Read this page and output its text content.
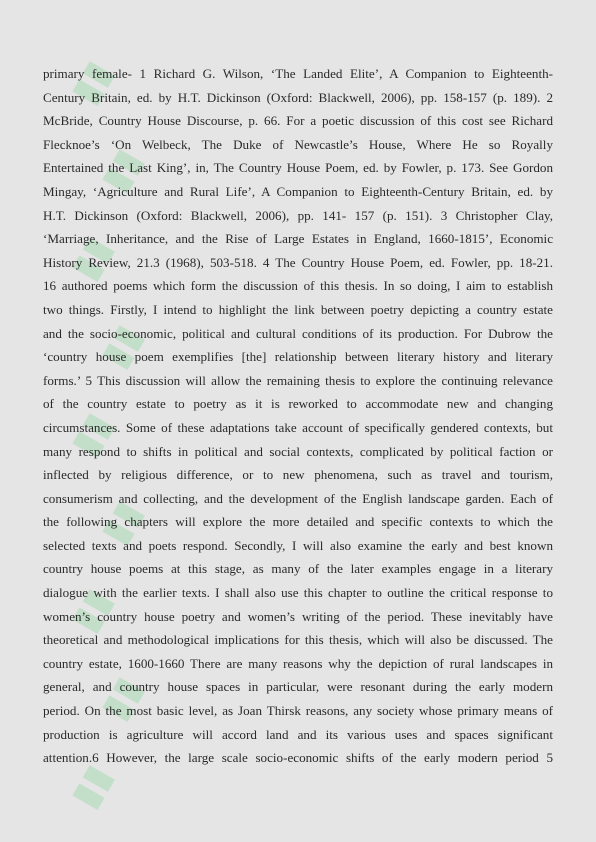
▮▮
▮▮
▮▮
▮▮
▮▮
▮▮
▮▮
▮▮
▮▮
primary female- 1 Richard G. Wilson, ‘The Landed Elite’, A Companion to Eighteenth-
Century Britain, ed. by H.T. Dickinson (Oxford: Blackwell, 2006), pp. 158-157 (p. 189). 2
McBride, Country House Discourse, p. 66. For a poetic discussion of this cost see Richard
Flecknoe’s ‘On Welbeck, The Duke of Newcastle’s House, Where He so Royally
Entertained the Last King’, in, The Country House Poem, ed. by Fowler, p. 173. See Gordon
Mingay, ‘Agriculture and Rural Life’, A Companion to Eighteenth-Century Britain, ed. by
H.T. Dickinson (Oxford: Blackwell, 2006), pp. 141- 157 (p. 151). 3 Christopher Clay,
‘Marriage, Inheritance, and the Rise of Large Estates in England, 1660-1815’, Economic
History Review, 21.3 (1968), 503-518. 4 The Country House Poem, ed. Fowler, pp. 18-21.
16 authored poems which form the discussion of this thesis. In so doing, I aim to establish
two things. Firstly, I intend to highlight the link between poetry depicting a country estate
and the socio-economic, political and cultural conditions of its production. For Dubrow the
‘country house poem exemplifies [the] relationship between literary history and literary
forms.’ 5 This discussion will allow the remaining thesis to explore the continuing relevance
of the country estate to poetry as it is reworked to accommodate new and changing
circumstances. Some of these adaptations take account of specifically gendered contexts, but
many respond to shifts in political and social contexts, complicated by political faction or
inflected by religious difference, or to new phenomena, such as travel and tourism,
consumerism and collecting, and the development of the English landscape garden. Each of
the following chapters will explore the more detailed and specific contexts to which the
selected texts and poets respond. Secondly, I will also examine the early and best known
country house poems at this stage, as many of the later examples engage in a literary
dialogue with the earlier texts. I shall also use this chapter to outline the critical response to
women’s country house poetry and women’s writing of the period. These inevitably have
theoretical and methodological implications for this thesis, which will also be discussed. The
country estate, 1600-1660 There are many reasons why the depiction of rural landscapes in
general, and country house spaces in particular, were resonant during the early modern
period. On the most basic level, as Joan Thirsk reasons, any society whose primary means of
production is agriculture will accord land and its various uses and spaces significant
attention.6 However, the large scale socio-economic shifts of the early modern period 5
